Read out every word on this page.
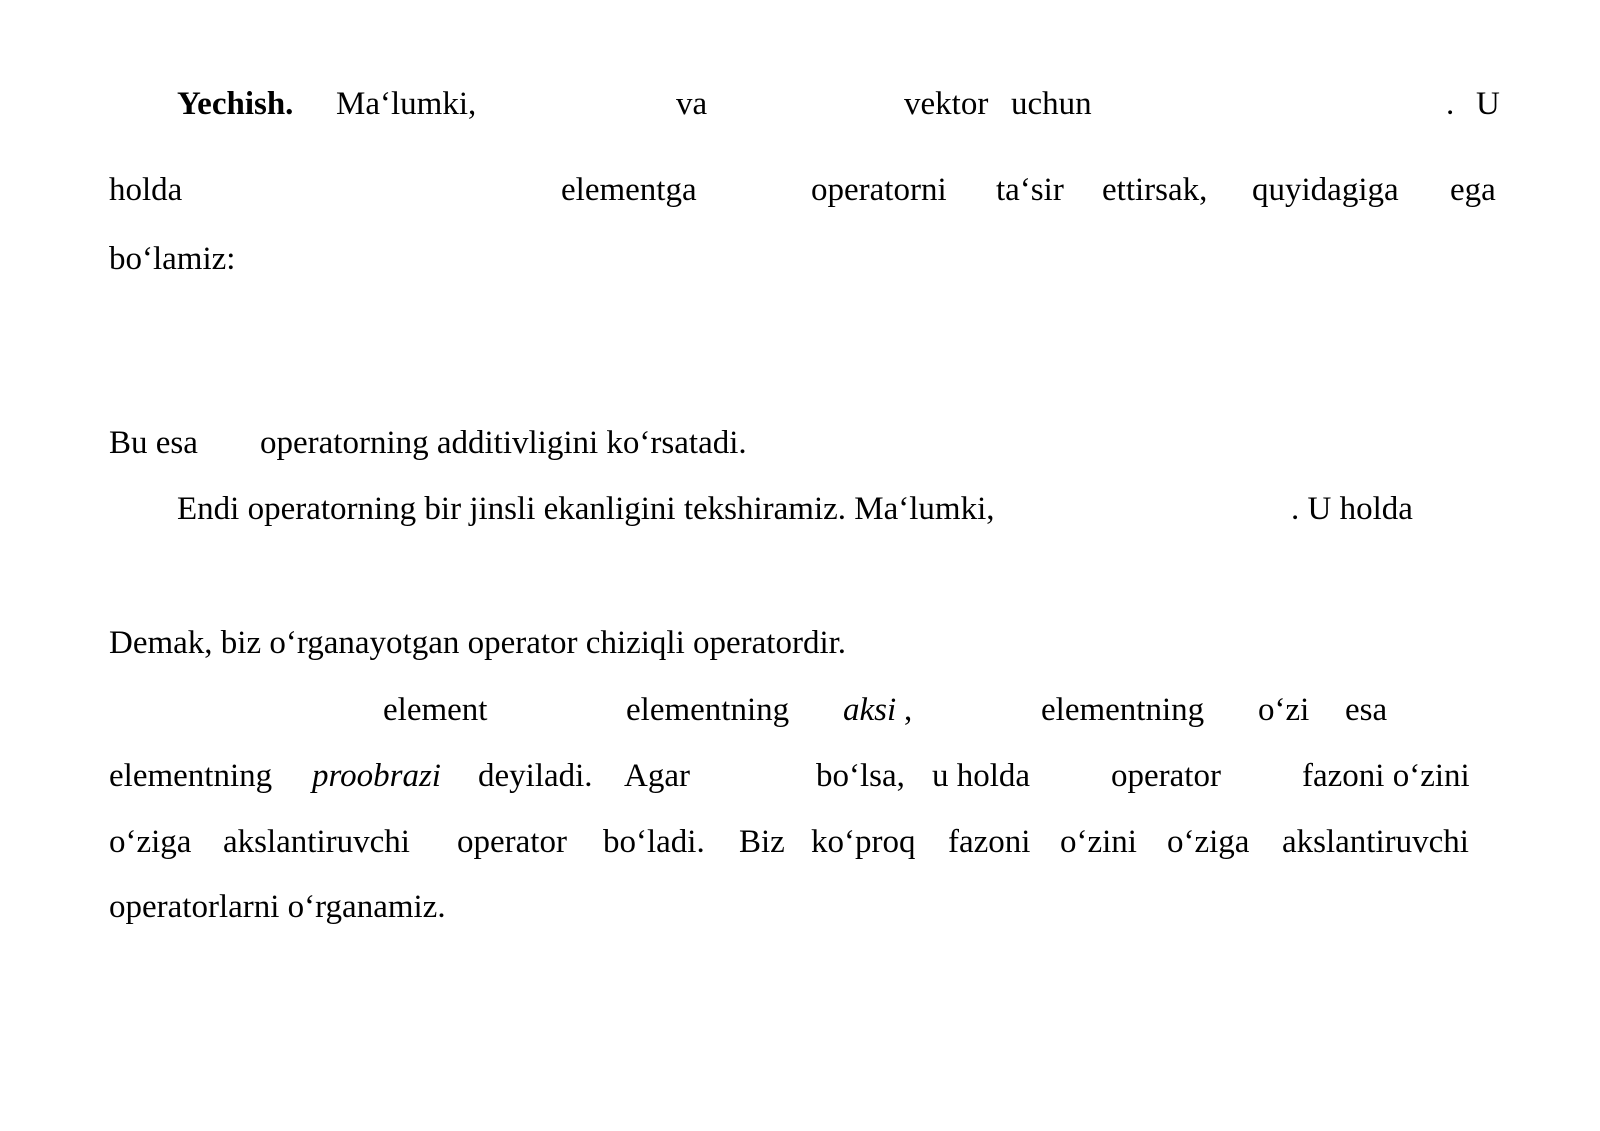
Yechish. Ma‘lumki,	va	vektor uchun	. U
holda	elementga	operatorni ta‘sir ettirsak, quyidagiga ega
bo‘lamiz:
Bu esa operatorning additivligini ko‘rsatadi.
Endi operatorning bir jinsli ekanligini tekshiramiz. Ma‘lumki,	. U holda
Demak, biz o‘rganayotgan operator chiziqli operatordir.
element	elementning aksi ,	elementning o‘zi esa
elementning proobrazi deyiladi. Agar	bo‘lsa, u holda operator fazoni o‘zini
o‘ziga akslantiruvchi operator bo‘ladi. Biz ko‘proq fazoni o‘zini o‘ziga akslantiruvchi
operatorlarni o‘rganamiz.
